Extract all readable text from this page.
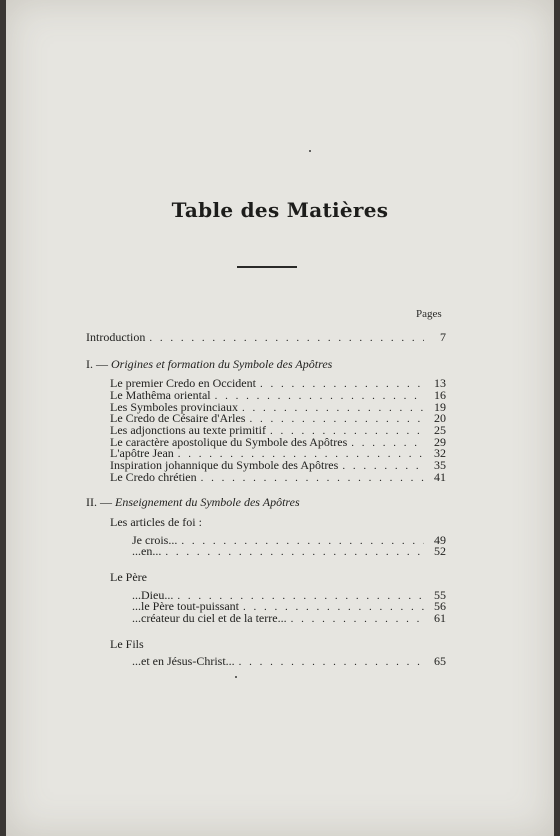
Table des Matières
Pages
Introduction . . .	7
I. — Origines et formation du Symbole des Apôtres
Le premier Credo en Occident . . .	13
Le Mathêma oriental . . .	16
Les Symboles provinciaux . . .	19
Le Credo de Césaire d'Arles . . .	20
Les adjonctions au texte primitif . . .	25
Le caractère apostolique du Symbole des Apôtres . . .	29
L'apôtre Jean . . .	32
Inspiration johannique du Symbole des Apôtres . . .	35
Le Credo chrétien . . .	41
II. — Enseignement du Symbole des Apôtres
Les articles de foi :
Je crois... . . .	49
...en... . . .	52
Le Père
...Dieu... . . .	55
...le Père tout-puissant . . .	56
...créateur du ciel et de la terre... . . .	61
Le Fils
...et en Jésus-Christ... . . .	65
